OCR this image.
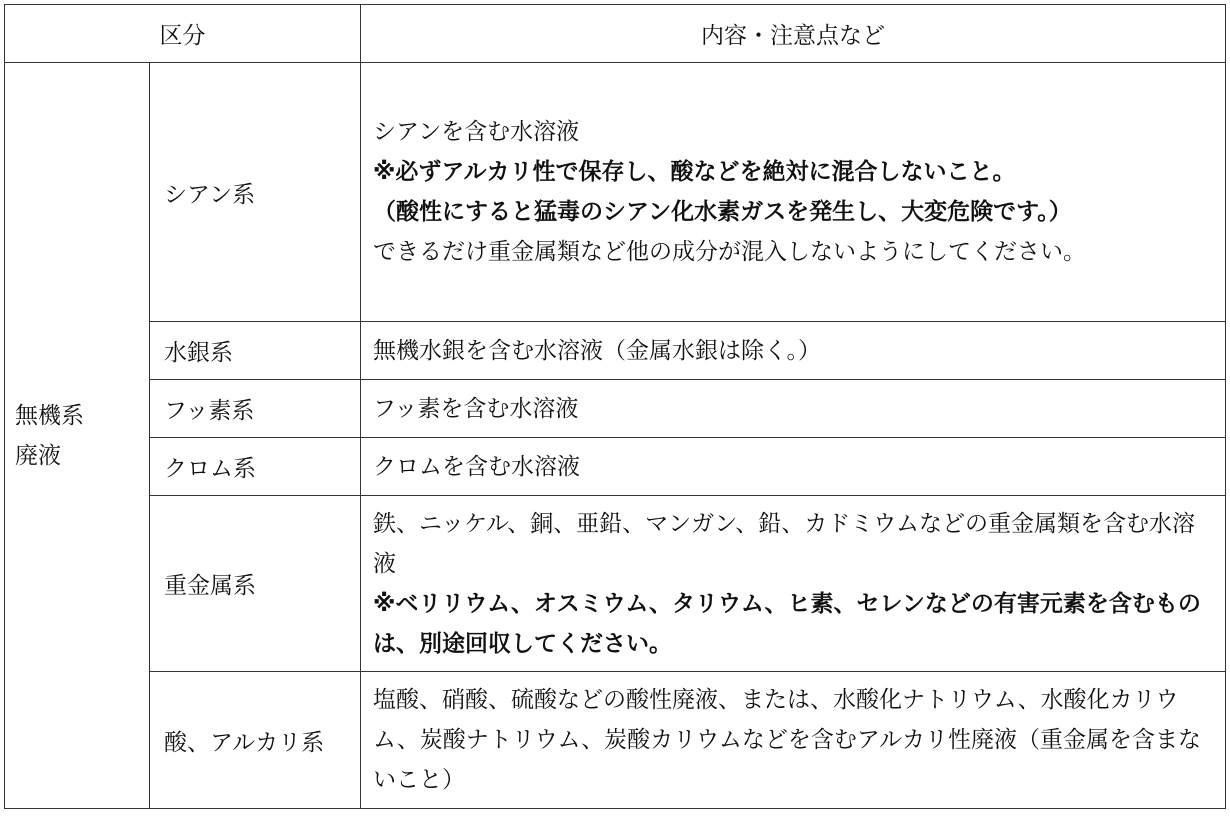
区分		内容・注意点など

無機系
廃液	シアン系	シアンを含む水溶液
※必ずアルカリ性で保存し、酸などを絶対に混合しないこと。
（酸性にすると猛毒のシアン化水素ガスを発生し、大変危険です。）
できるだけ重金属類など他の成分が混入しないようにしてください。

	水銀系	無機水銀を含む水溶液（金属水銀は除く。）

	フッ素系	フッ素を含む水溶液

	クロム系	クロムを含む水溶液

	重金属系	鉄、ニッケル、銅、亜鉛、マンガン、鉛、カドミウムなどの重金属類を含む水溶液
※ベリリウム、オスミウム、タリウム、ヒ素、セレンなどの有害元素を含むものは、別途回収してください。

	酸、アルカリ系	塩酸、硝酸、硫酸などの酸性廃液、または、水酸化ナトリウム、水酸化カリウム、炭酸ナトリウム、炭酸カリウムなどを含むアルカリ性廃液（重金属を含まないこと）
